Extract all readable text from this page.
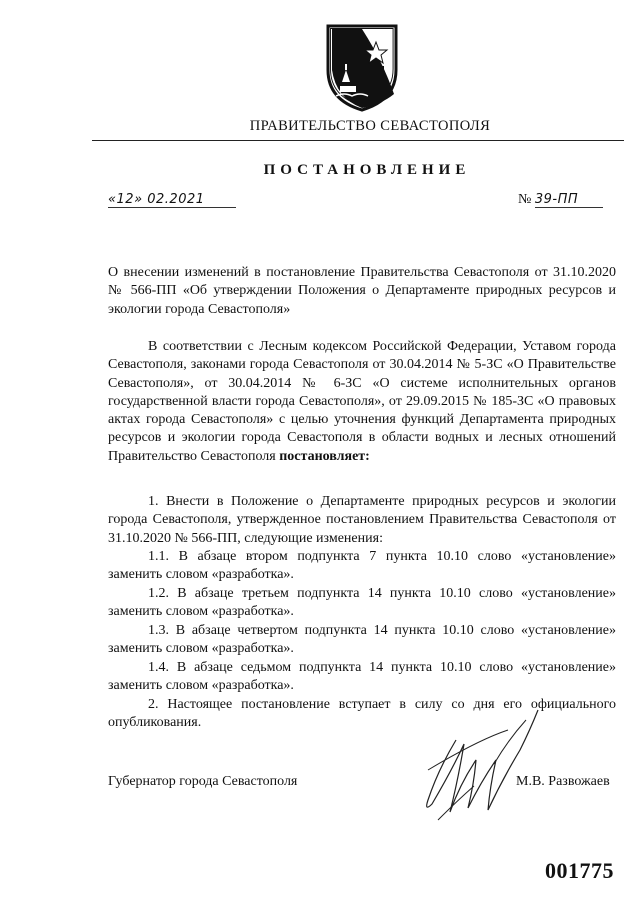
ПРАВИТЕЛЬСТВО СЕВАСТОПОЛЯ
ПОСТАНОВЛЕНИЕ
«12» 02.2021	№ 39-ПП
О внесении изменений в постановление Правительства Севастополя от 31.10.2020 № 566-ПП «Об утверждении Положения о Департаменте природных ресурсов и экологии города Севастополя»
В соответствии с Лесным кодексом Российской Федерации, Уставом города Севастополя, законами города Севастополя от 30.04.2014 № 5-ЗС «О Правительстве Севастополя», от 30.04.2014 № 6-ЗС «О системе исполнительных органов государственной власти города Севастополя», от 29.09.2015 № 185-ЗС «О правовых актах города Севастополя» с целью уточнения функций Департамента природных ресурсов и экологии города Севастополя в области водных и лесных отношений Правительство Севастополя постановляет:
1. Внести в Положение о Департаменте природных ресурсов и экологии города Севастополя, утвержденное постановлением Правительства Севастополя от 31.10.2020 № 566-ПП, следующие изменения:
1.1. В абзаце втором подпункта 7 пункта 10.10 слово «установление» заменить словом «разработка».
1.2. В абзаце третьем подпункта 14 пункта 10.10 слово «установление» заменить словом «разработка».
1.3. В абзаце четвертом подпункта 14 пункта 10.10 слово «установление» заменить словом «разработка».
1.4. В абзаце седьмом подпункта 14 пункта 10.10 слово «установление» заменить словом «разработка».
2. Настоящее постановление вступает в силу со дня его официального опубликования.
Губернатор города Севастополя	М.В. Развожаев
001775
